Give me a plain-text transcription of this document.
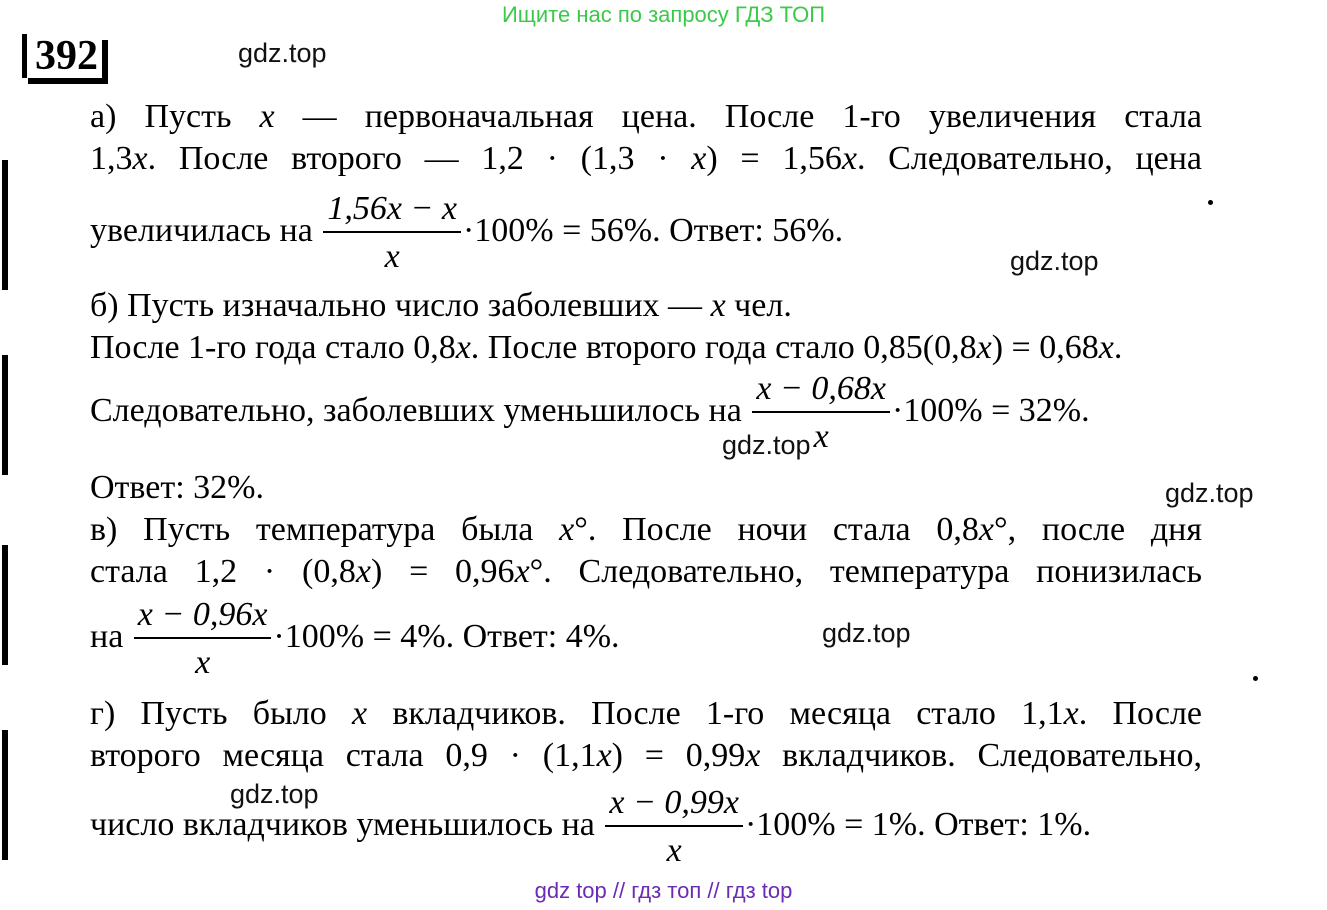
Ищите нас по запросу ГДЗ ТОП
392	gdz.top
gdz.top
gdz.top
gdz.top
gdz.top
gdz.top
а) Пусть x — первоначальная цена. После 1-го увеличения стала
1,3x. После второго — 1,2 · (1,3 · x) = 1,56x. Следовательно, цена
увеличилась на $\frac{1,56x - x}{x} \cdot 100\% = 56\%$. Ответ: 56%.
б) Пусть изначально число заболевших — x чел.
После 1-го года стало 0,8x. После второго года стало 0,85(0,8x) = 0,68x.
Следовательно, заболевших уменьшилось на $\frac{x - 0,68x}{x} \cdot 100\% = 32\%$.
Ответ: 32%.
в) Пусть температура была x°. После ночи стала 0,8x°, после дня
стала 1,2 · (0,8x) = 0,96x°. Следовательно, температура понизилась
на $\frac{x - 0,96x}{x} \cdot 100\% = 4\%$. Ответ: 4%.
г) Пусть было x вкладчиков. После 1-го месяца стало 1,1x. После
второго месяца стала 0,9 · (1,1x) = 0,99x вкладчиков. Следовательно,
число вкладчиков уменьшилось на $\frac{x - 0,99x}{x} \cdot 100\% = 1\%$. Ответ: 1%.
gdz top // гдз топ // гдз top
